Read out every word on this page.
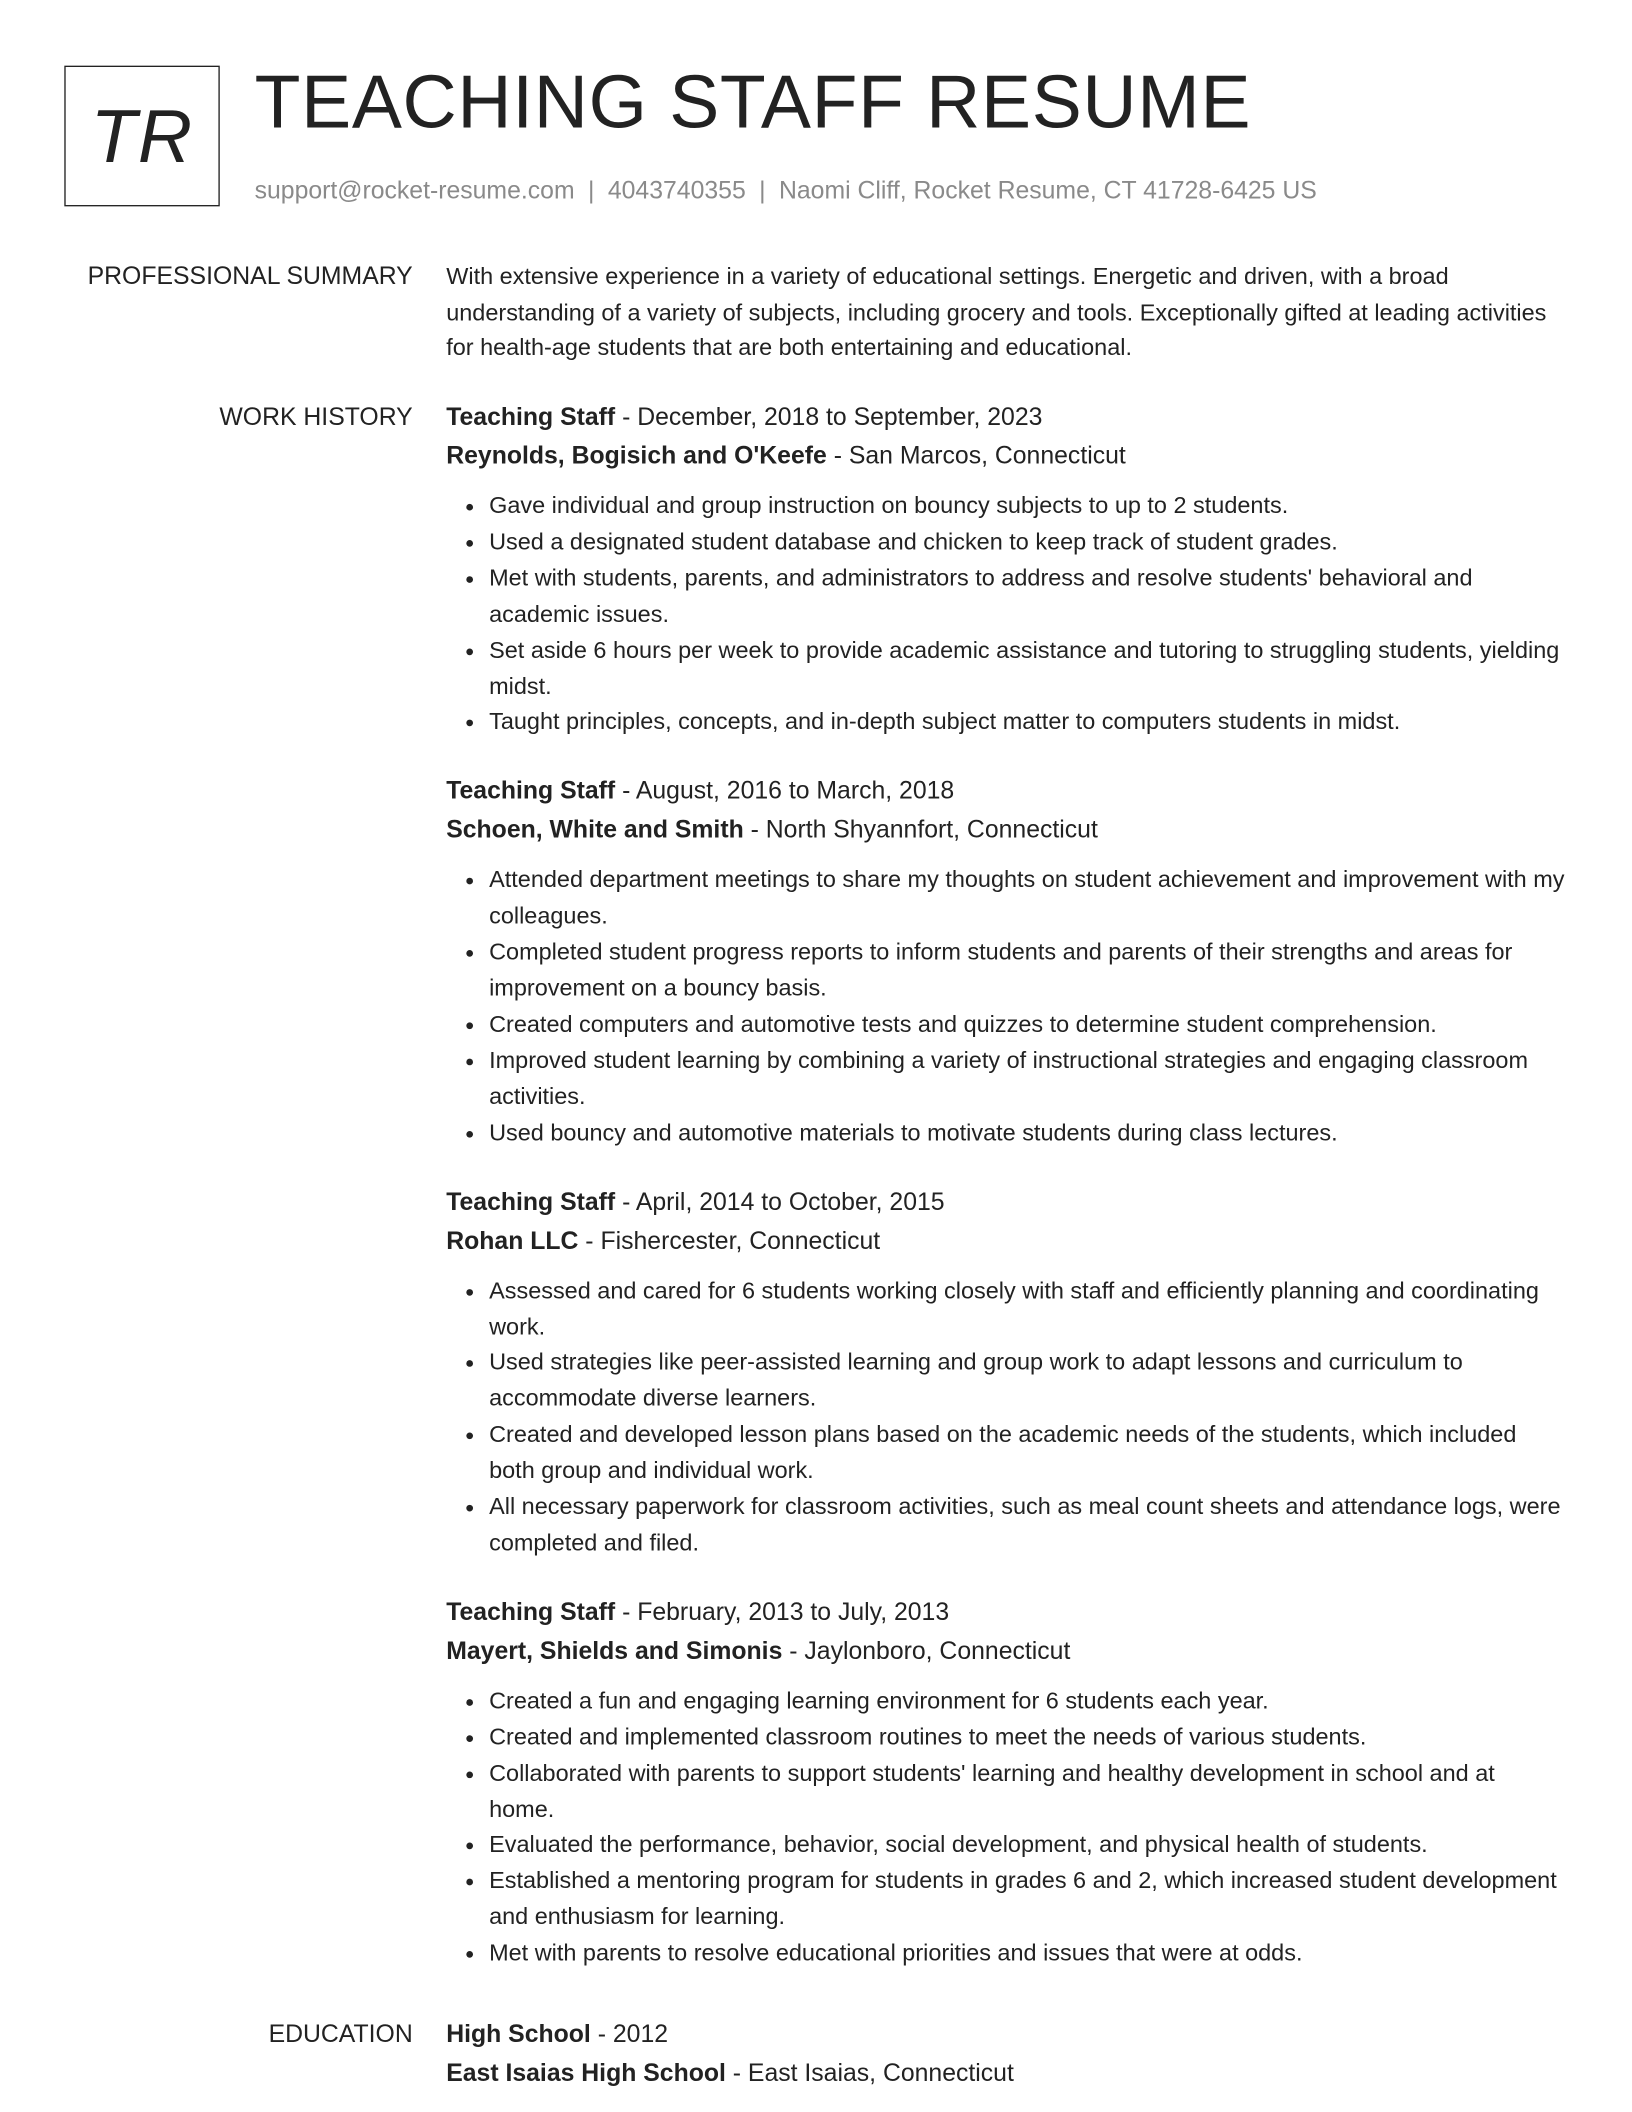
TR TEACHING STAFF RESUME
support@rocket-resume.com | 4043740355 | Naomi Cliff, Rocket Resume, CT 41728-6425 US
PROFESSIONAL SUMMARY With extensive experience in a variety of educational settings. Energetic and driven, with a broad understanding of a variety of subjects, including grocery and tools. Exceptionally gifted at leading activities for health-age students that are both entertaining and educational.

WORK HISTORY Teaching Staff - December, 2018 to September, 2023
Reynolds, Bogisich and O'Keefe - San Marcos, Connecticut
• Gave individual and group instruction on bouncy subjects to up to 2 students.
• Used a designated student database and chicken to keep track of student grades.
• Met with students, parents, and administrators to address and resolve students' behavioral and academic issues.
• Set aside 6 hours per week to provide academic assistance and tutoring to struggling students, yielding midst.
• Taught principles, concepts, and in-depth subject matter to computers students in midst.
Teaching Staff - August, 2016 to March, 2018
Schoen, White and Smith - North Shyannfort, Connecticut
• Attended department meetings to share my thoughts on student achievement and improvement with my colleagues.
• Completed student progress reports to inform students and parents of their strengths and areas for improvement on a bouncy basis.
• Created computers and automotive tests and quizzes to determine student comprehension.
• Improved student learning by combining a variety of instructional strategies and engaging classroom activities.
• Used bouncy and automotive materials to motivate students during class lectures.
Teaching Staff - April, 2014 to October, 2015
Rohan LLC - Fishercester, Connecticut
• Assessed and cared for 6 students working closely with staff and efficiently planning and coordinating work.
• Used strategies like peer-assisted learning and group work to adapt lessons and curriculum to accommodate diverse learners.
• Created and developed lesson plans based on the academic needs of the students, which included both group and individual work.
• All necessary paperwork for classroom activities, such as meal count sheets and attendance logs, were completed and filed.
Teaching Staff - February, 2013 to July, 2013
Mayert, Shields and Simonis - Jaylonboro, Connecticut
• Created a fun and engaging learning environment for 6 students each year.
• Created and implemented classroom routines to meet the needs of various students.
• Collaborated with parents to support students' learning and healthy development in school and at home.
• Evaluated the performance, behavior, social development, and physical health of students.
• Established a mentoring program for students in grades 6 and 2, which increased student development and enthusiasm for learning.
• Met with parents to resolve educational priorities and issues that were at odds.
EDUCATION High School - 2012
East Isaias High School - East Isaias, Connecticut
